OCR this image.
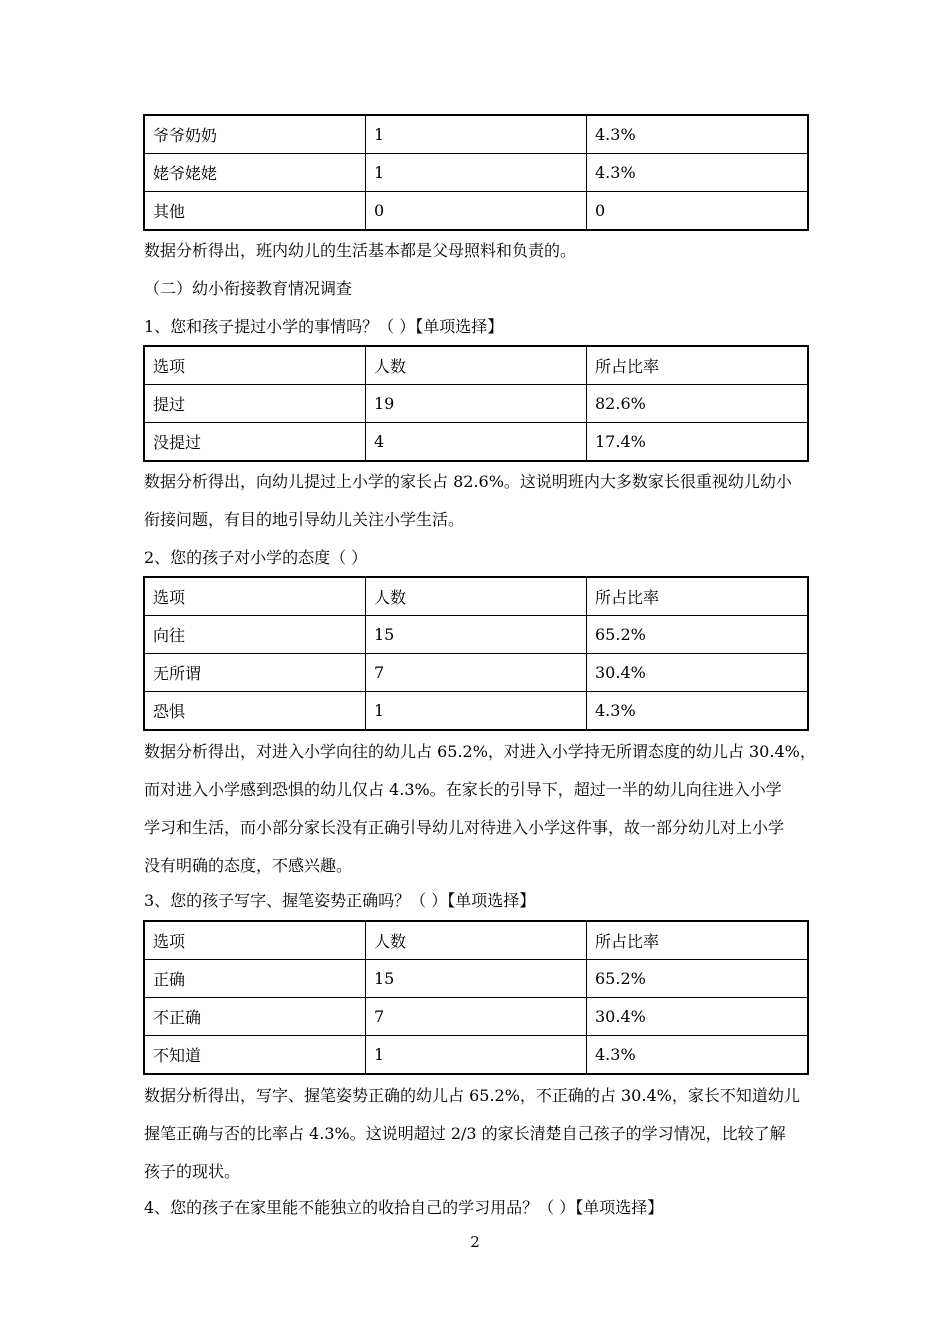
爷爷奶奶	1	4.3%
姥爷姥姥	1	4.3%
其他	0	0
数据分析得出，班内幼儿的生活基本都是父母照料和负责的。
（二）幼小衔接教育情况调查
1、您和孩子提过小学的事情吗？（ ）【单项选择】
选项	人数	所占比率
提过	19	82.6%
没提过	4	17.4%
数据分析得出，向幼儿提过上小学的家长占 82.6%。这说明班内大多数家长很重视幼儿幼小
衔接问题，有目的地引导幼儿关注小学生活。
2、您的孩子对小学的态度（ ）
选项	人数	所占比率
向往	15	65.2%
无所谓	7	30.4%
恐惧	1	4.3%
数据分析得出，对进入小学向往的幼儿占 65.2%，对进入小学持无所谓态度的幼儿占 30.4%，
而对进入小学感到恐惧的幼儿仅占 4.3%。在家长的引导下，超过一半的幼儿向往进入小学
学习和生活，而小部分家长没有正确引导幼儿对待进入小学这件事，故一部分幼儿对上小学
没有明确的态度，不感兴趣。
3、您的孩子写字、握笔姿势正确吗？（ ）【单项选择】
选项	人数	所占比率
正确	15	65.2%
不正确	7	30.4%
不知道	1	4.3%
数据分析得出，写字、握笔姿势正确的幼儿占 65.2%，不正确的占 30.4%，家长不知道幼儿
握笔正确与否的比率占 4.3%。这说明超过 2/3 的家长清楚自己孩子的学习情况，比较了解
孩子的现状。
4、您的孩子在家里能不能独立的收拾自己的学习用品？（ ）【单项选择】
2
